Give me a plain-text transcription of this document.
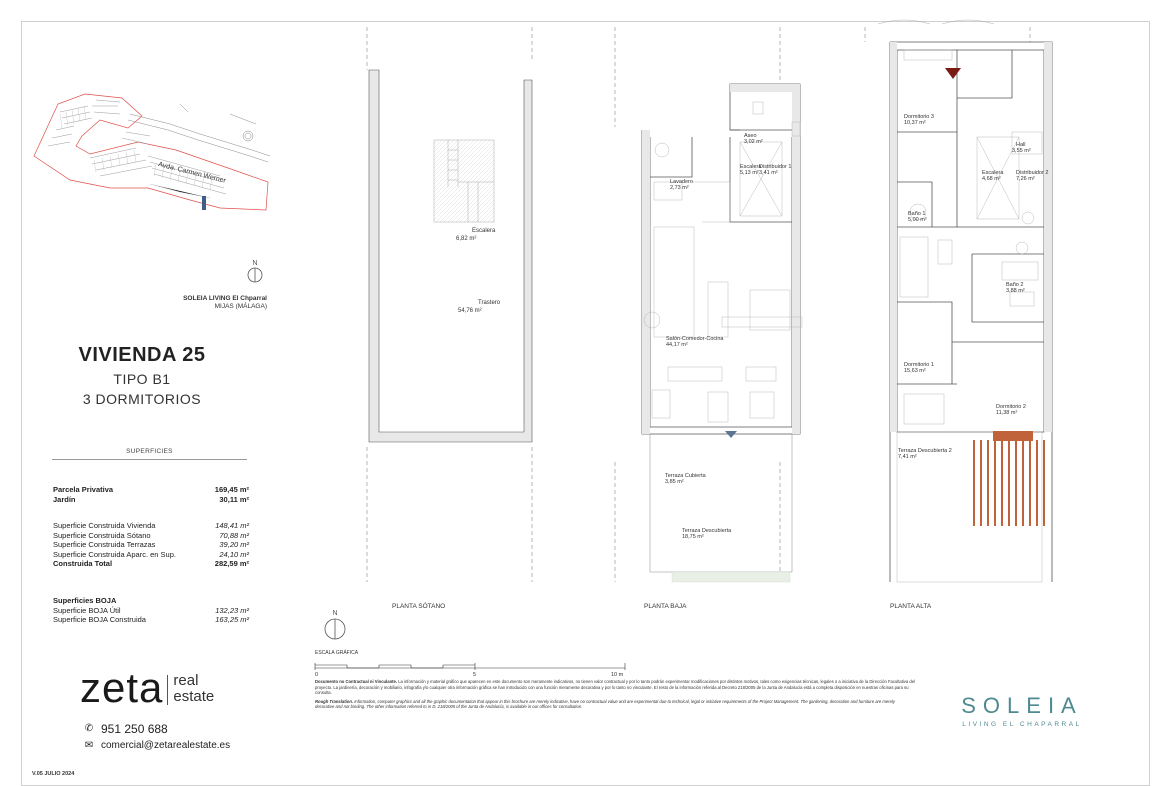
Avda. Carmen Werner
N
SOLEIA LIVING El Chparral
MIJAS (MÁLAGA)
VIVIENDA 25
TIPO B1
3 DORMITORIOS
SUPERFICIES
Parcela Privativa	169,45 m²
Jardín	30,11 m²
Superficie Construida Vivienda	148,41 m²
Superficie Construida Sótano	70,88 m²
Superficie Construida Terrazas	39,20 m²
Superficie Construida Aparc. en Sup.	24,10 m²
Construida Total	282,59 m²
Superficies BOJA
Superficie BOJA Útil	132,23 m²
Superficie BOJA Construida	163,25 m²
zeta real
estate
✆ 951 250 688
✉ comercial@zetarealestate.es
V.05 JULIO 2024
Escalera
6,82 m²
Trastero
54,76 m²
PLANTA SÓTANO
Aseo
3,02 m²
Lavadero
2,73 m²
Escalera
5,13 m²
Distribuidor 1
3,41 m²
Salón-Comedor-Cocina
44,17 m²
Terraza Cubierta
3,85 m²
Terraza Descubierta
18,75 m²
PLANTA BAJA
Dormitorio 3
10,37 m²
Hall
3,55 m²
Escalera
4,68 m²
Distribuidor 2
7,26 m²
Baño 1
5,00 m²
Baño 2
3,88 m²
Dormitorio 1
15,63 m²
Dormitorio 2
11,38 m²
Terraza Descubierta 2
7,41 m²
PLANTA ALTA
N
ESCALA GRÁFICA
0	5	10 m

Documento no Contractual ni Vinculante. La información y material gráfico que aparecen en este documento son meramente indicativos, no tienen valor contractual y por lo tanto podrán experimentar modificaciones por distintos motivos, tales como exigencias técnicas, legales o a iniciativa de la Dirección Facultativa del proyecto. La jardinería, decoración y mobiliario, infografía y/o cualquier otra información gráfica se han introducido con una función meramente decorativa y por lo tanto no vinculante. El resto de la información referida al Decreto 218/2005 de la Junta de Andalucía está a completa disposición en nuestras oficinas para su consulta.

Rough Translation. Information, computer graphics and all the graphic documentation that appear in this brochure are merely indicative, have no contractual value and are experimental due to technical, legal or initiative requirements of the Project Management. The gardening, decoration and furniture are merely decorative and not binding. The other information referred to in D. 218/2005 of the Junta de Andalucía, is available in our offices for consultation.	SOLEIA
LIVING EL CHAPARRAL
